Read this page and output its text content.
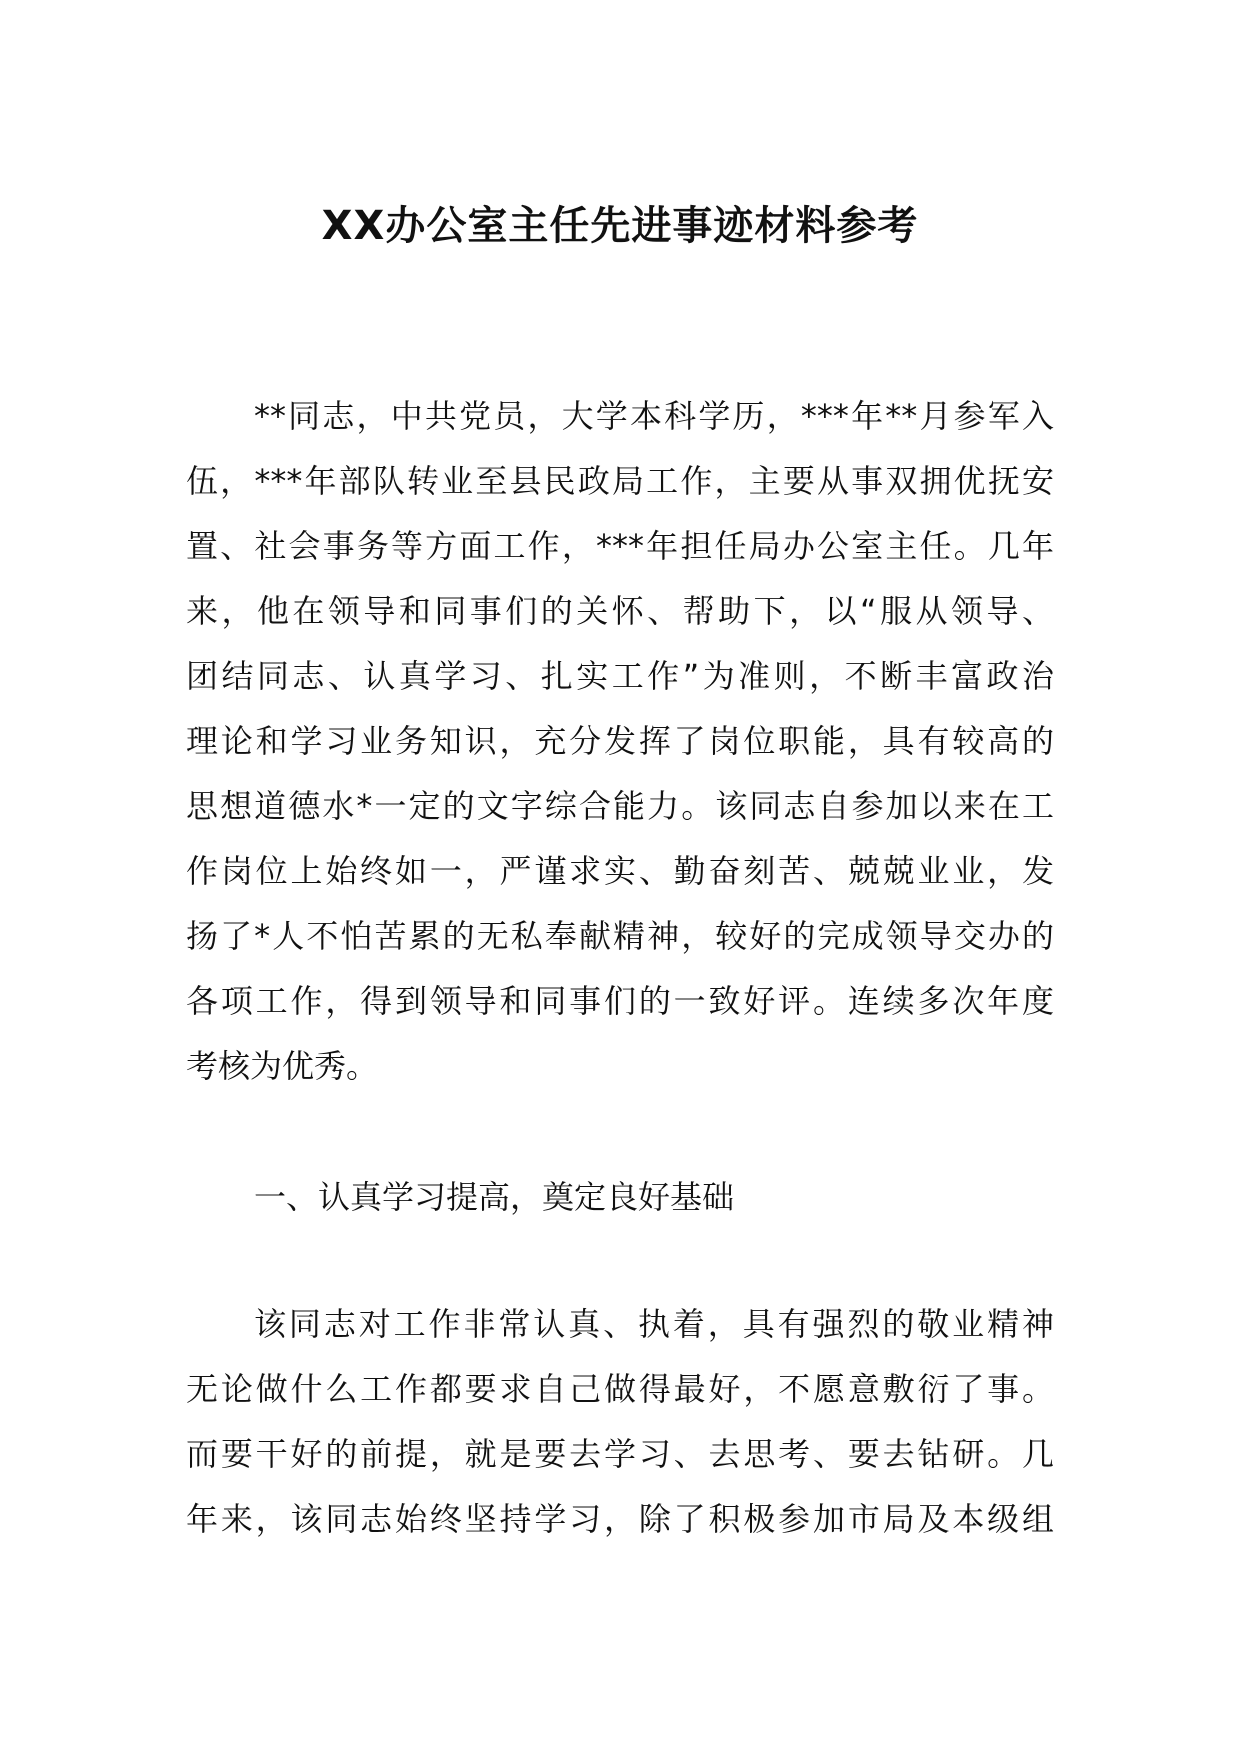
XX办公室主任先进事迹材料参考
**同志，中共党员，大学本科学历，***年**月参军入
伍，***年部队转业至县民政局工作，主要从事双拥优抚安
置、社会事务等方面工作，***年担任局办公室主任。几年
来，他在领导和同事们的关怀、帮助下，以“服从领导、
团结同志、认真学习、扎实工作”为准则，不断丰富政治
理论和学习业务知识，充分发挥了岗位职能，具有较高的
思想道德水*一定的文字综合能力。该同志自参加以来在工
作岗位上始终如一，严谨求实、勤奋刻苦、兢兢业业，发
扬了*人不怕苦累的无私奉献精神，较好的完成领导交办的
各项工作，得到领导和同事们的一致好评。连续多次年度
考核为优秀。
一、认真学习提高，奠定良好基础
该同志对工作非常认真、执着，具有强烈的敬业精神
无论做什么工作都要求自己做得最好，不愿意敷衍了事。
而要干好的前提，就是要去学习、去思考、要去钻研。几
年来，该同志始终坚持学习，除了积极参加市局及本级组
